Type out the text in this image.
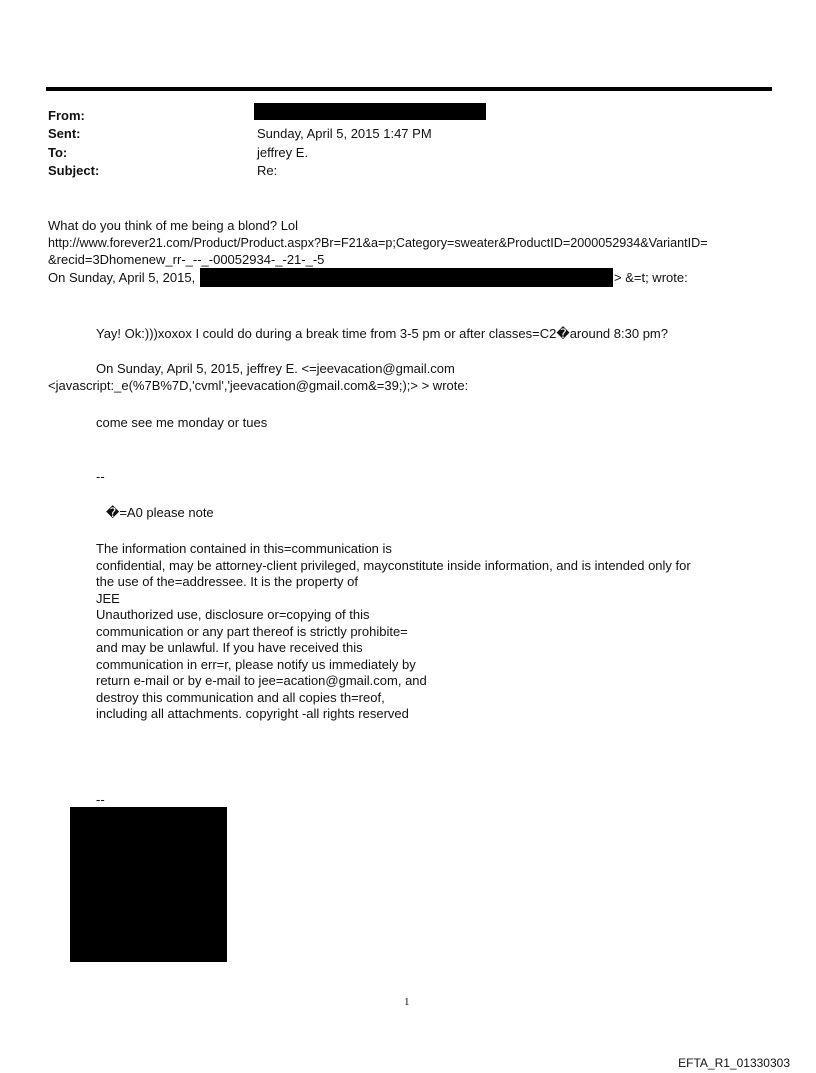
From:
Sent:	Sunday, April 5, 2015 1:47 PM
To:	jeffrey E.
Subject:	Re:
What do you think of me being a blond? Lol
http://www.forever21.com/Product/Product.aspx?Br=F21&a=p;Category=sweater&ProductID=2000052934&VariantID=
&recid=3Dhomenew_rr-_--_-00052934-_-21-_-5
On Sunday, April 5, 2015,	> &=t; wrote:
Yay! Ok:)))xoxox I could do during a break time from 3-5 pm or after classes=C2�around 8:30 pm?
On Sunday, April 5, 2015, jeffrey E. <=jeevacation@gmail.com
<javascript:_e(%7B%7D,'cvml','jeevacation@gmail.com&=39;);> > wrote:
come see me monday or tues
--
�=A0 please note
The information contained in this=communication is
confidential, may be attorney-client privileged, mayconstitute inside information, and is intended only for
the use of the=addressee. It is the property of
JEE
Unauthorized use, disclosure or=copying of this
communication or any part thereof is strictly prohibite=
and may be unlawful. If you have received this
communication in err=r, please notify us immediately by
return e-mail or by e-mail to jee=acation@gmail.com, and
destroy this communication and all copies th=reof,
including all attachments. copyright -all rights reserved
--
1
EFTA_R1_01330303
